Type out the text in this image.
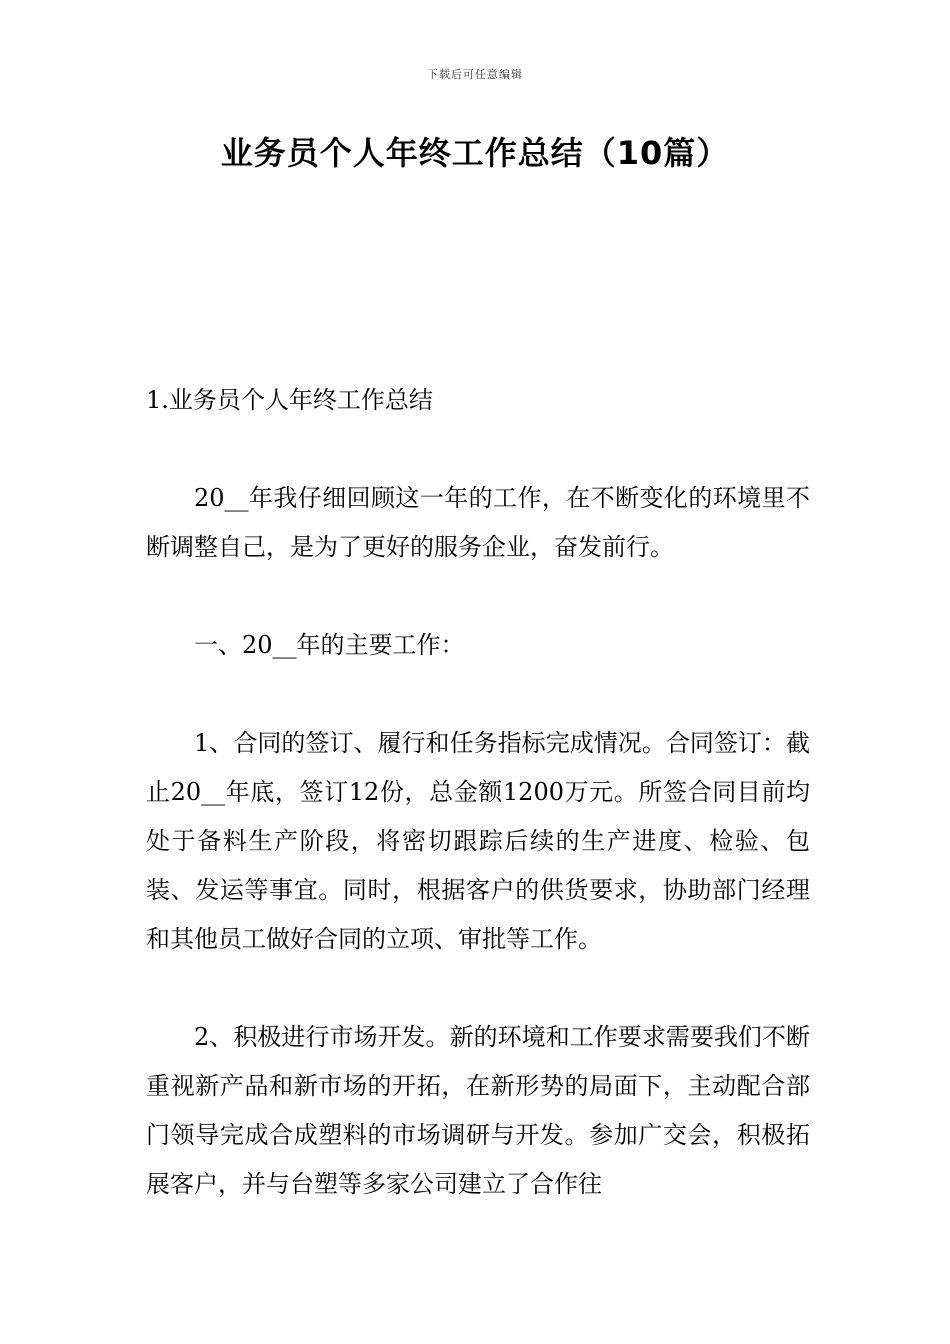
下载后可任意编辑
业务员个人年终工作总结（10篇）

1.业务员个人年终工作总结

20__年我仔细回顾这一年的工作，在不断变化的环境里不断调整自己，是为了更好的服务企业，奋发前行。

一、20__年的主要工作：

1、合同的签订、履行和任务指标完成情况。合同签订：截止20__年底，签订12份，总金额1200万元。所签合同目前均处于备料生产阶段，将密切跟踪后续的生产进度、检验、包装、发运等事宜。同时，根据客户的供货要求，协助部门经理和其他员工做好合同的立项、审批等工作。

2、积极进行市场开发。新的环境和工作要求需要我们不断重视新产品和新市场的开拓，在新形势的局面下，主动配合部门领导完成合成塑料的市场调研与开发。参加广交会，积极拓展客户，并与台塑等多家公司建立了合作往
